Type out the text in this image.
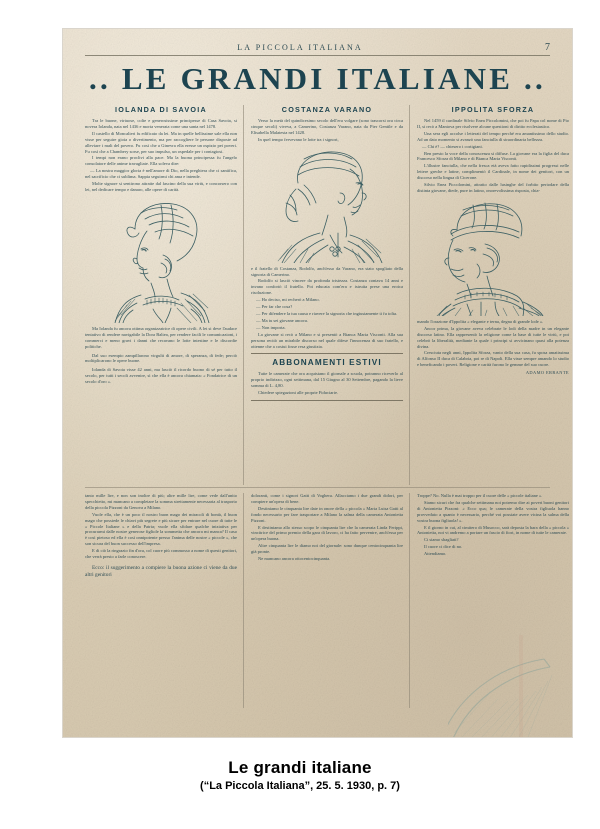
LA PICCOLA ITALIANA	7
.. LE GRANDI ITALIANE ..
IOLANDA DI SAVOIA

Tra le buone, virtuose, colte e generosissime principesse di Casa Savoia, si novera Iolanda, nata nel 1436 e morta venerata come una santa nel 1478.

Il castello di Moncalieri fu edificato da lei. Ma in quelle bellissime sale ella non visse per seguire gioia o divertimento, ma per raccogliere le persone disposte ad alleviare i mali del povero. Fu così che a Ginevra ella eresse un ospizio pei poveri. Fu così che a Chambery sorse, per suo impulso, un ospedale per i contagiosi.

I tempi non erano proclivi alla pace. Ma la buona principessa fu l'angelo consolatore delle anime travagliate. Ella soleva dire:

— La nostra maggior gloria è nell'amore di Dio, nella preghiera che ci santifica, nel sacrificio che ci sublima. Sappia seguirmi chi ama e intende.

Molte signore si sentirono attratte dal fascino della sua virtù, e concorsero con lei, nel dedicare tempo e danaro, alle opere di carità.

Ma Iolanda fu ancora ottima organizzatrice di opere civili. A lei si deve l'audace tentativo di rendere navigabile la Dora Baltea, per rendere facili le comunicazioni, i commerci e meno gravi i danni che recavano le lotte intestine e le discordie politiche.

Dal suo esempio zampillarono virgulti di amore, di speranza, di fede; perciò moltiplicarono le opere buone.

Iolanda di Savoia visse 42 anni, ma lasciò il ricordo buono di sé per tutto il secolo, per tutti i secoli avvenire, sì che ella è ancora chiamata: « Fondatrice di un secolo d'oro ».

COSTANZA VARANO

Verso la metà del quindicesimo secolo dell'era volgare (sono trascorsi ora circa cinque secoli) viveva, a Camerino, Costanza Varano, nata da Pier Gentile e da Elisabella Malatesta nel 1428.

In quel tempo fervevano le lotte tra i signori,

e il fratello di Costanza, Rodolfo, anch'esso da Varano, era stato spogliato della signoria di Camerino.

Rodolfo si lasciò vincere da profonda tristezza. Costanza contava 14 anni e invano confortò il fratello. Poi educata com'era e istruita prese una eroica risoluzione.

— Ho deciso, mi recherò a Milano.

— Per far che cosa?

— Per difendere la tua causa e riavere la signoria che ingiustamente ti fu tolta.

— Ma tu sei giovane ancora.

— Non importa.

La giovane si recò a Milano e si presentò a Bianca Maria Visconti. Alla sua persona recitò un mirabile discorso nel quale difese l'innocenza di suo fratello, e ottenne che a costui fosse resa giustizia.

ABBONAMENTI ESTIVI

Tutte le camerate che ora acquistano il giornale a scuola, potranno riceverlo al proprio indirizzo, ogni settimana, dal 15 Giugno al 30 Settembre, pagando la lieve somma di L. 4,80.

Chiedere spiegazioni alle proprie Fiduciarie.

IPPOLITA SFORZA

Nel 1459 il cardinale Silvio Enea Piccolomini, che poi fu Papa col nome di Pio II, si recò a Mantova per risolvere alcune questioni di diritto ecclesiastico.

Una sera egli accolse i letterati del tempo perché era amantissimo dello studio. Ad un dato momento si avanzò una fanciulla di straordinaria bellezza.

— Chi è? — chiesero i cortigiani.

Ben presto la voce della conoscenza si diffuse. La giovane era la figlia del duca Francesco Sforza di Milano e di Bianca Maria Visconti.

L'illustre fanciulla, che nella fresca età aveva fatto rapidissimi progressi nelle lettere greche e latine, complimentò il Cardinale, in nome dei genitori, con un discorso nella lingua di Cicerone.

Silvio Enea Piccolomini, attratto dalle lusinghe del forbito periodare della distinta giovane, diede, pure in latino, onorevolissima risposta, chia-

mando l'orazione d'Ippolita « elegante e terna, degna di grande lode ».

Ancor prima, la giovane aveva celebrate le lodi della madre in un elegante discorso latino. Ella rappresentò la religione come la base di tutte le virtù, e poi celebrò la liberalità, mediante la quale i principi si avvicinano quasi alla potenza divina.

Cresciuta negli anni, Ippolita Sforza, vanto della sua casa, fu sposa amatissima di Alfonso II duca di Calabria, poi re di Napoli. Ella visse sempre amando lo studio e beneficando i poveri. Religione e carità furono le gemme del suo cuore.

ADAMO ERRANTE

tanto mille lire, e non son inoltre di più; altre mille lire, come vede dall'unito specchietto, mi mancano a completare la somma strettamente necessaria al trasporto della piccola Pizzoni da Genova a Milano.

Vuole ella, che è un poco il nostro buon mago dei miracoli di bontà, il buon mago che possiede le chiavi più segrete e più sicure per entrare nel cuore di tutte le « Piccole Italiane » e della Patria; vuole ella sfidare qualche iniziativa per procurarmi dalle nostre generose figliole la sommetta che ancora mi manca? Il caso è così pietoso ed ella è così onnipotente presso l'anima delle nostre « piccole », che son sicura del buon successo dell'impresa.

E di ciò la ringrazio fin d'ora, col cuore più commosso a nome di questi genitori, che verrà presto a farle conoscere.

Ecco: il suggerimento a compiere la buona azione ci viene da due altri genitori

doloranti, come i signori Gatti di Voghera. Allacciamo i due grandi dolori, per compiere un'opera di bene.

Destiniamo le cinquanta lire date in onore della « piccola » Maria Luisa Gatti al fondo necessario per fare trasportare a Milano la salma della camerata Antonietta Pizzoni.

E destiniamo allo stesso scopo le cinquanta lire che la camerata Linda Ferippi, vincitrice del primo premio della gara di lavoro, ci ha fatto pervenire, anch'essa per un'opera buona.

Altre cinquanta lire le diamo noi del giornale: sono dunque centocinquanta lire già pronte.

Ne mancano ancora ottocentocinquanta.

Troppe? No. Nulla è mai troppo per il cuore delle « piccole italiane ».

Siamo sicuri che fra qualche settimana noi potremo dire ai poveri buoni genitori di Antonietta Pizzoni: « Ecco qua; le camerate della vostra figliuola hanno provveduto a quanto è necessario, perché voi possiate avere vicina la salma della vostra buona figliuola! ».

E il giorno in cui, al cimitero di Musocco, sarà deposta la bara della « piccola » Antonietta, noi vi andremo a portare un fascio di fiori, in nome di tutte le camerate.

Ci siamo sbagliati?

Il cuore ci dice di no.

Attendiamo.

Le grandi italiane
(“La Piccola Italiana”, 25. 5. 1930, p. 7)
